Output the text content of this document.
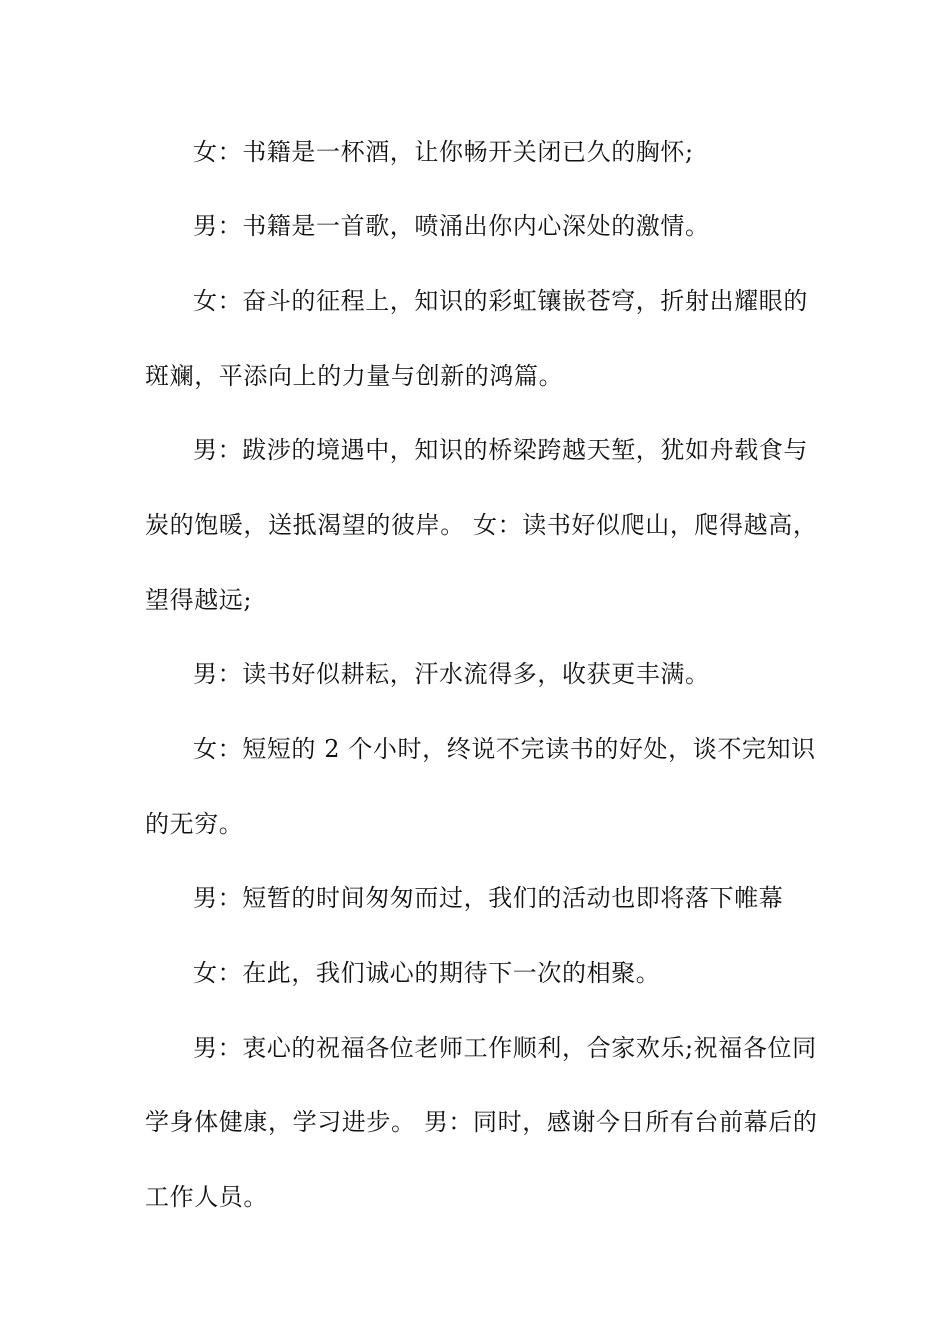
女：书籍是一杯酒，让你畅开关闭已久的胸怀;
男：书籍是一首歌，喷涌出你内心深处的激情。
女：奋斗的征程上，知识的彩虹镶嵌苍穹，折射出耀眼的
斑斓，平添向上的力量与创新的鸿篇。
男：跋涉的境遇中，知识的桥梁跨越天堑，犹如舟载食与
炭的饱暖，送抵渴望的彼岸。 女：读书好似爬山，爬得越高，
望得越远;
男：读书好似耕耘，汗水流得多，收获更丰满。
女：短短的 2 个小时，终说不完读书的好处，谈不完知识
的无穷。
男：短暂的时间匆匆而过，我们的活动也即将落下帷幕
女：在此，我们诚心的期待下一次的相聚。
男：衷心的祝福各位老师工作顺利，合家欢乐;祝福各位同
学身体健康，学习进步。 男：同时，感谢今日所有台前幕后的
工作人员。
